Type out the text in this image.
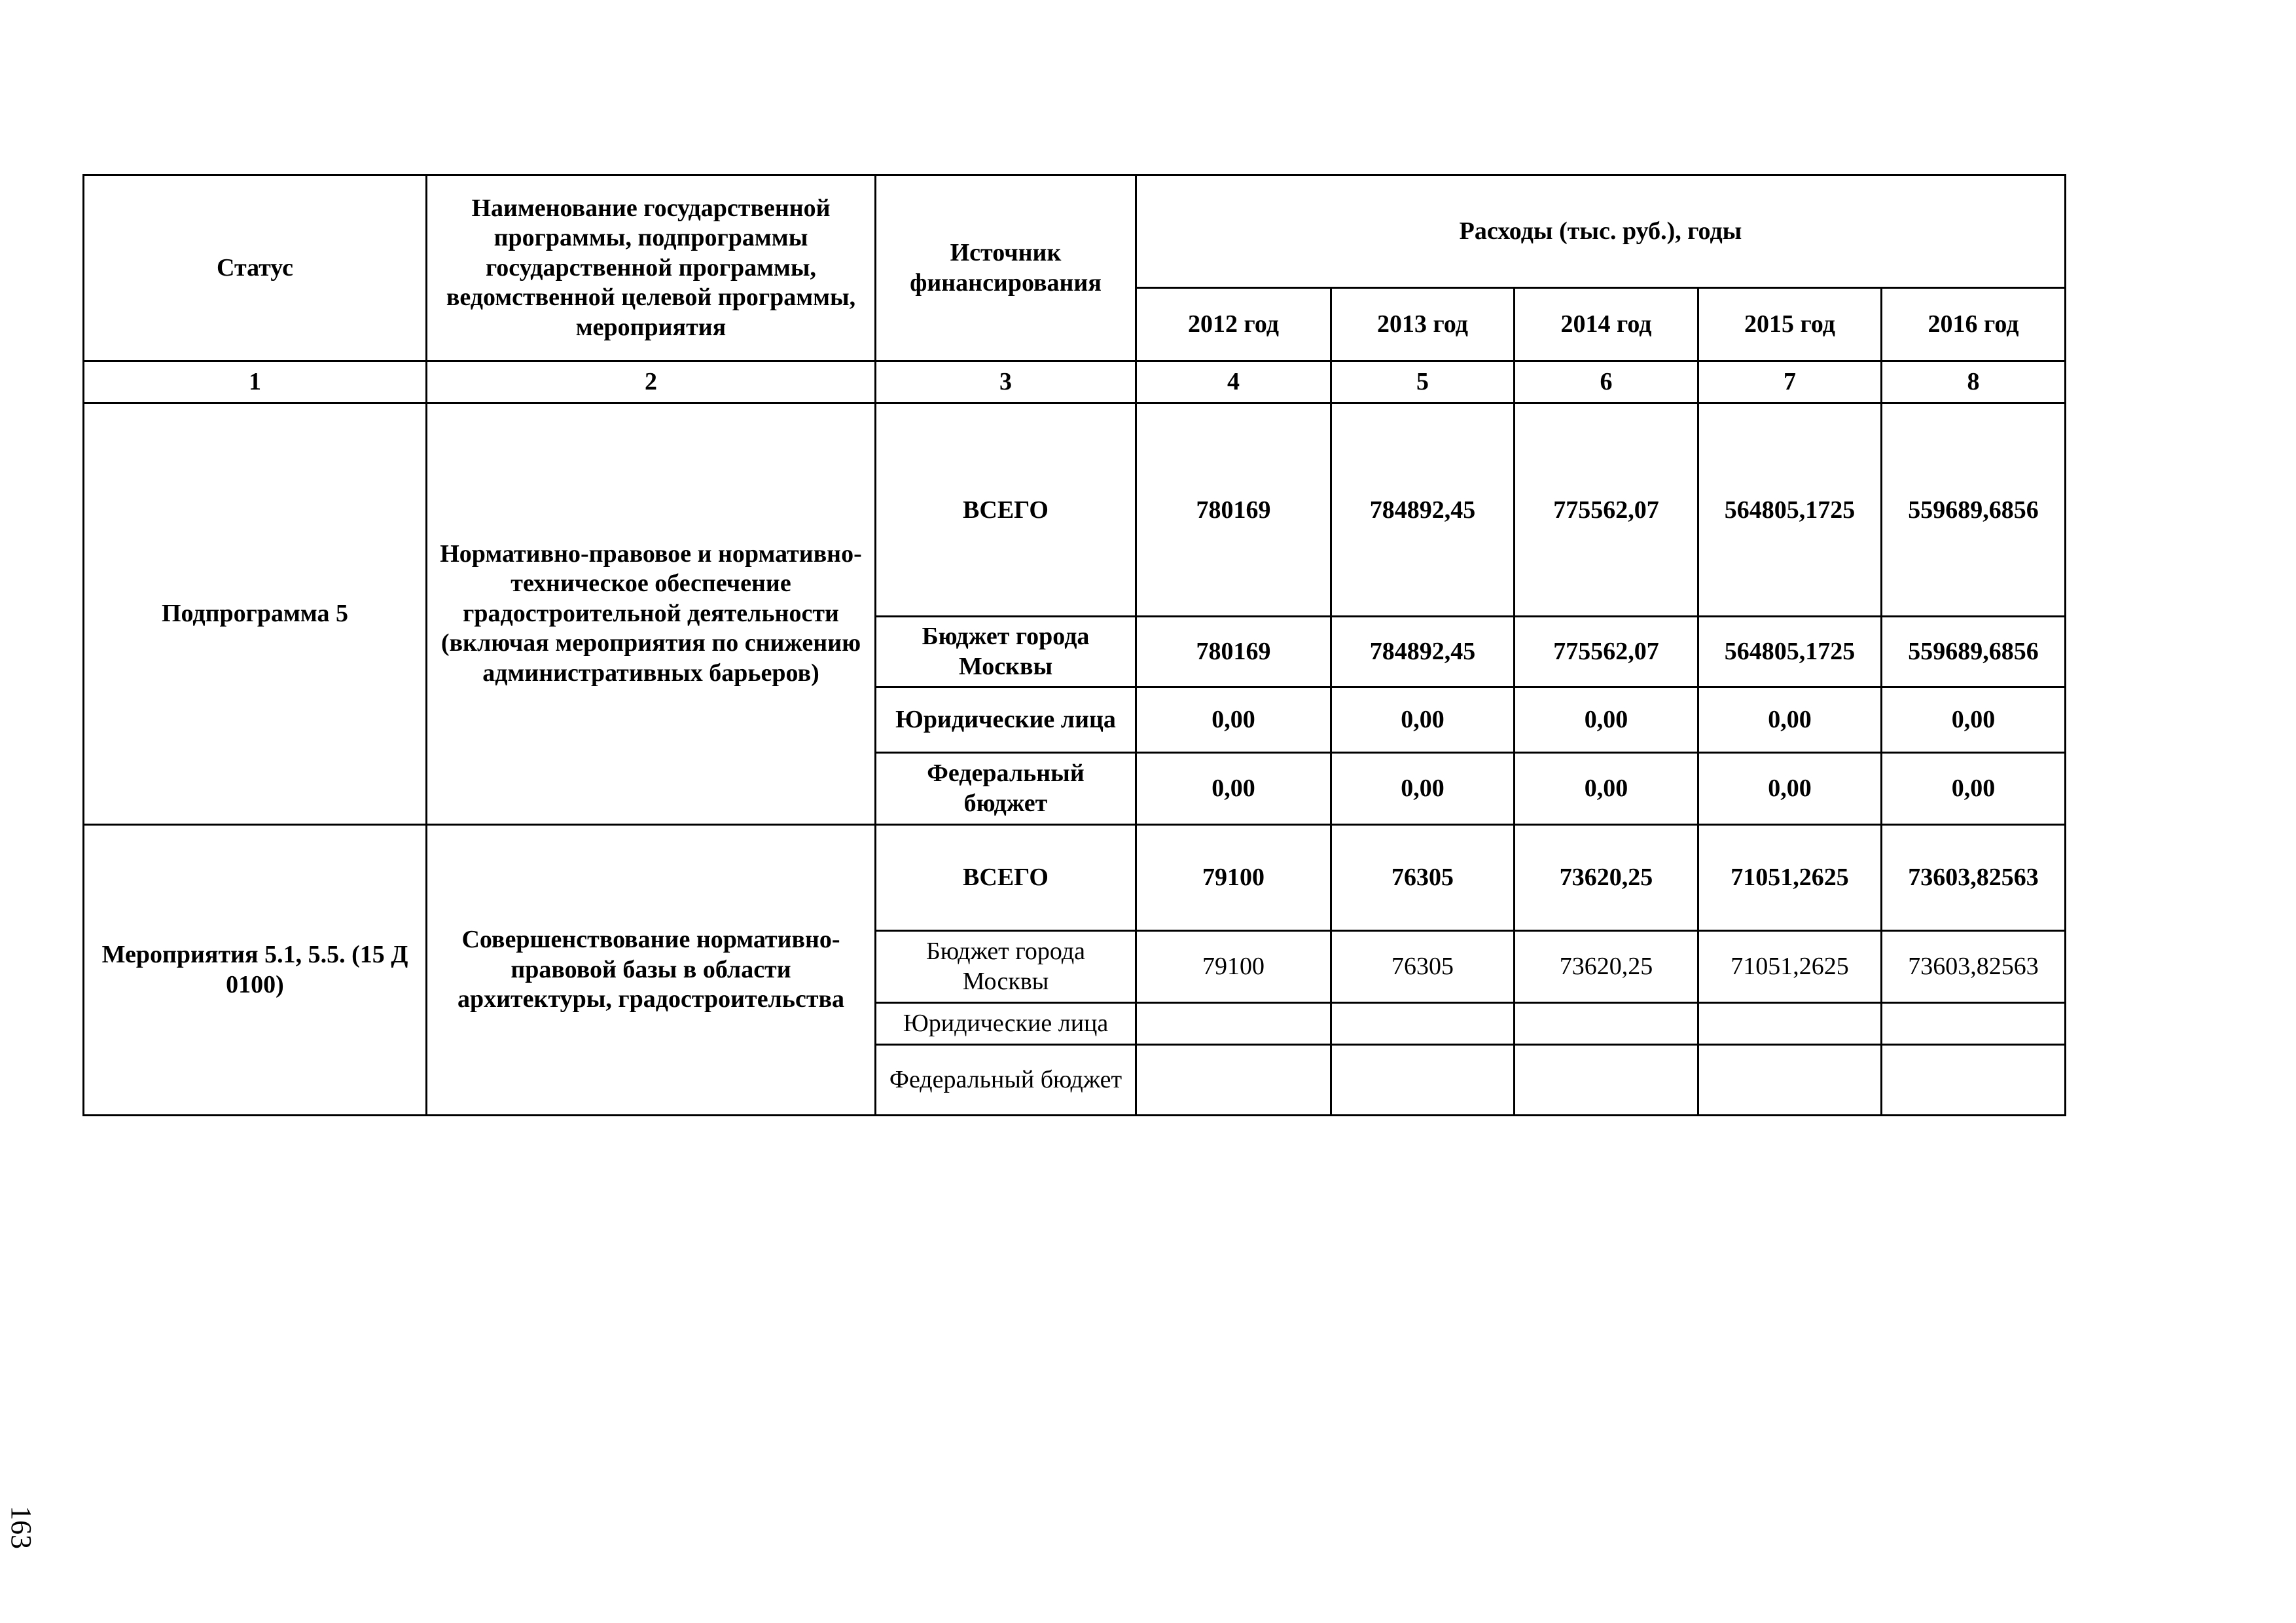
Статус	Наименование государственной программы, подпрограммы государственной программы, ведомственной целевой программы, мероприятия	Источник финансирования	Расходы (тыс. руб.), годы				
			2012 год	2013 год	2014 год	2015 год	2016 год
1	2	3	4	5	6	7	8
Подпрограмма 5	Нормативно-правовое и нормативно-техническое обеспечение градостроительной деятельности (включая мероприятия по снижению административных барьеров)	ВСЕГО	780169	784892,45	775562,07	564805,1725	559689,6856
		Бюджет города Москвы	780169	784892,45	775562,07	564805,1725	559689,6856
		Юридические лица	0,00	0,00	0,00	0,00	0,00
		Федеральный бюджет	0,00	0,00	0,00	0,00	0,00
Мероприятия 5.1, 5.5. (15 Д 0100)	Совершенствование нормативно-правовой базы в области архитектуры, градостроительства	ВСЕГО	79100	76305	73620,25	71051,2625	73603,82563
		Бюджет города Москвы	79100	76305	73620,25	71051,2625	73603,82563
		Юридические лица					
		Федеральный бюджет					
163
